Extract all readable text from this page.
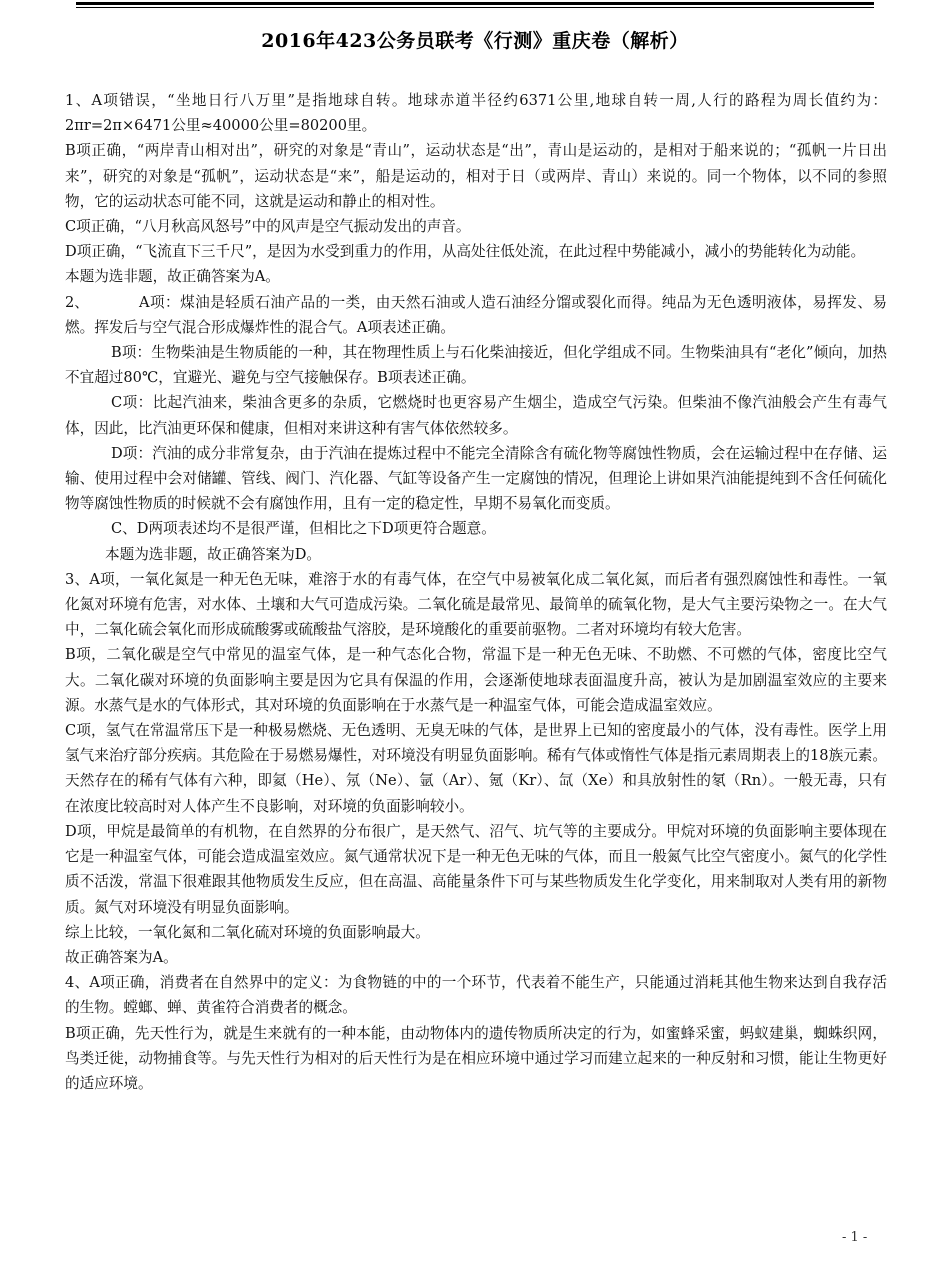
2016年423公务员联考《行测》重庆卷（解析）

1、A项错误，“坐地日行八万里”是指地球自转。地球赤道半径约6371公里,地球自转一周,人行的路程为周长值约为：2πr=2π×6471公里≈40000公里=80200里。

B项正确，“两岸青山相对出”，研究的对象是“青山”，运动状态是“出”，青山是运动的，是相对于船来说的；“孤帆一片日出来”，研究的对象是“孤帆”，运动状态是“来”，船是运动的，相对于日（或两岸、青山）来说的。同一个物体，以不同的参照物，它的运动状态可能不同，这就是运动和静止的相对性。

C项正确，“八月秋高风怒号”中的风声是空气振动发出的声音。

D项正确，“飞流直下三千尺”，是因为水受到重力的作用，从高处往低处流，在此过程中势能减小，减小的势能转化为动能。

本题为选非题，故正确答案为A。

2、	A项：煤油是轻质石油产品的一类，由天然石油或人造石油经分馏或裂化而得。纯品为无色透明液体，易挥发、易燃。挥发后与空气混合形成爆炸性的混合气。A项表述正确。

B项：生物柴油是生物质能的一种，其在物理性质上与石化柴油接近，但化学组成不同。生物柴油具有“老化”倾向，加热不宜超过80℃，宜避光、避免与空气接触保存。B项表述正确。

C项：比起汽油来，柴油含更多的杂质，它燃烧时也更容易产生烟尘，造成空气污染。但柴油不像汽油般会产生有毒气体，因此，比汽油更环保和健康，但相对来讲这种有害气体依然较多。

D项：汽油的成分非常复杂，由于汽油在提炼过程中不能完全清除含有硫化物等腐蚀性物质，会在运输过程中在存储、运输、使用过程中会对储罐、管线、阀门、汽化器、气缸等设备产生一定腐蚀的情况，但理论上讲如果汽油能提纯到不含任何硫化物等腐蚀性物质的时候就不会有腐蚀作用，且有一定的稳定性，早期不易氧化而变质。

C、D两项表述均不是很严谨，但相比之下D项更符合题意。

本题为选非题，故正确答案为D。

3、A项，一氧化氮是一种无色无味，难溶于水的有毒气体，在空气中易被氧化成二氧化氮，而后者有强烈腐蚀性和毒性。一氧化氮对环境有危害，对水体、土壤和大气可造成污染。二氧化硫是最常见、最简单的硫氧化物，是大气主要污染物之一。在大气中，二氧化硫会氧化而形成硫酸雾或硫酸盐气溶胶，是环境酸化的重要前驱物。二者对环境均有较大危害。

B项，二氧化碳是空气中常见的温室气体，是一种气态化合物，常温下是一种无色无味、不助燃、不可燃的气体，密度比空气大。二氧化碳对环境的负面影响主要是因为它具有保温的作用，会逐渐使地球表面温度升高，被认为是加剧温室效应的主要来源。水蒸气是水的气体形式，其对环境的负面影响在于水蒸气是一种温室气体，可能会造成温室效应。

C项，氢气在常温常压下是一种极易燃烧、无色透明、无臭无味的气体，是世界上已知的密度最小的气体，没有毒性。医学上用氢气来治疗部分疾病。其危险在于易燃易爆性，对环境没有明显负面影响。稀有气体或惰性气体是指元素周期表上的18族元素。天然存在的稀有气体有六种，即氦（He）、氖（Ne）、氩（Ar）、氪（Kr）、氙（Xe）和具放射性的氡（Rn）。一般无毒，只有在浓度比较高时对人体产生不良影响，对环境的负面影响较小。

D项，甲烷是最简单的有机物，在自然界的分布很广，是天然气、沼气、坑气等的主要成分。甲烷对环境的负面影响主要体现在它是一种温室气体，可能会造成温室效应。氮气通常状况下是一种无色无味的气体，而且一般氮气比空气密度小。氮气的化学性质不活泼，常温下很难跟其他物质发生反应，但在高温、高能量条件下可与某些物质发生化学变化，用来制取对人类有用的新物质。氮气对环境没有明显负面影响。

综上比较，一氧化氮和二氧化硫对环境的负面影响最大。

故正确答案为A。

4、A项正确，消费者在自然界中的定义：为食物链的中的一个环节，代表着不能生产，只能通过消耗其他生物来达到自我存活的生物。螳螂、蝉、黄雀符合消费者的概念。

B项正确，先天性行为，就是生来就有的一种本能，由动物体内的遗传物质所决定的行为，如蜜蜂采蜜，蚂蚁建巢，蜘蛛织网，鸟类迁徙，动物捕食等。与先天性行为相对的后天性行为是在相应环境中通过学习而建立起来的一种反射和习惯，能让生物更好的适应环境。

- 1 -
